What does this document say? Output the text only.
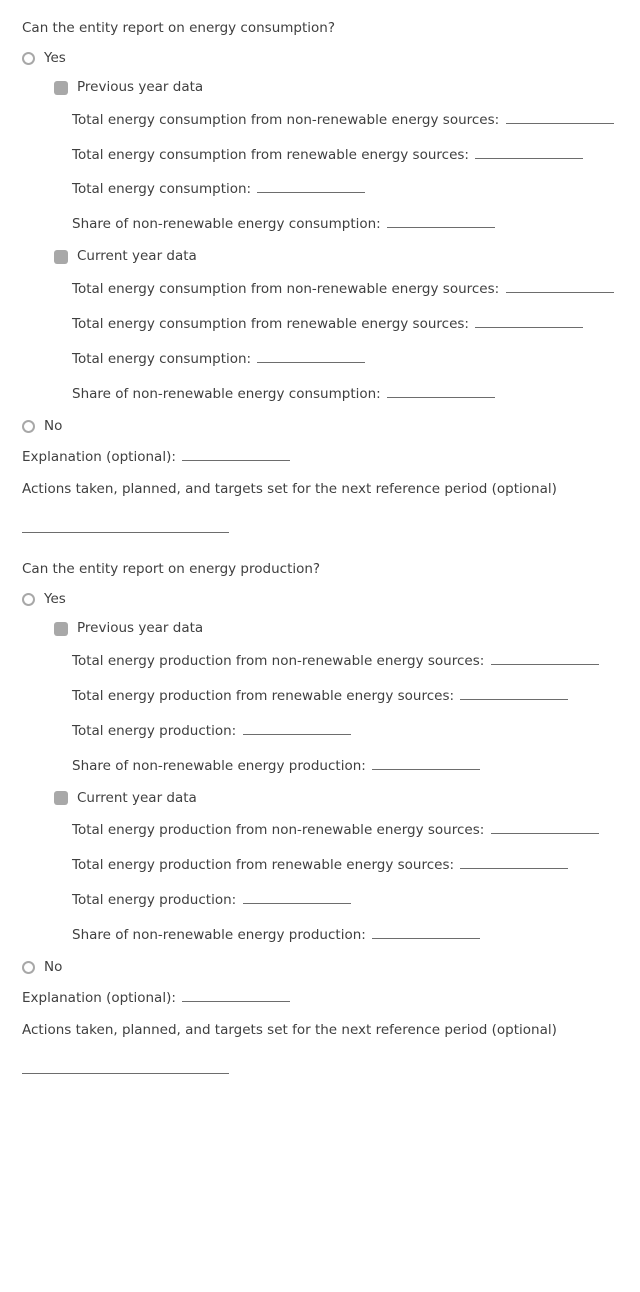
Can the entity report on energy consumption?
Yes
Previous year data
Total energy consumption from non-renewable energy sources:
Total energy consumption from renewable energy sources:
Total energy consumption:
Share of non-renewable energy consumption:
Current year data
Total energy consumption from non-renewable energy sources:
Total energy consumption from renewable energy sources:
Total energy consumption:
Share of non-renewable energy consumption:
No
Explanation (optional):
Actions taken, planned, and targets set for the next reference period (optional)
Can the entity report on energy production?
Yes
Previous year data
Total energy production from non-renewable energy sources:
Total energy production from renewable energy sources:
Total energy production:
Share of non-renewable energy production:
Current year data
Total energy production from non-renewable energy sources:
Total energy production from renewable energy sources:
Total energy production:
Share of non-renewable energy production:
No
Explanation (optional):
Actions taken, planned, and targets set for the next reference period (optional)
